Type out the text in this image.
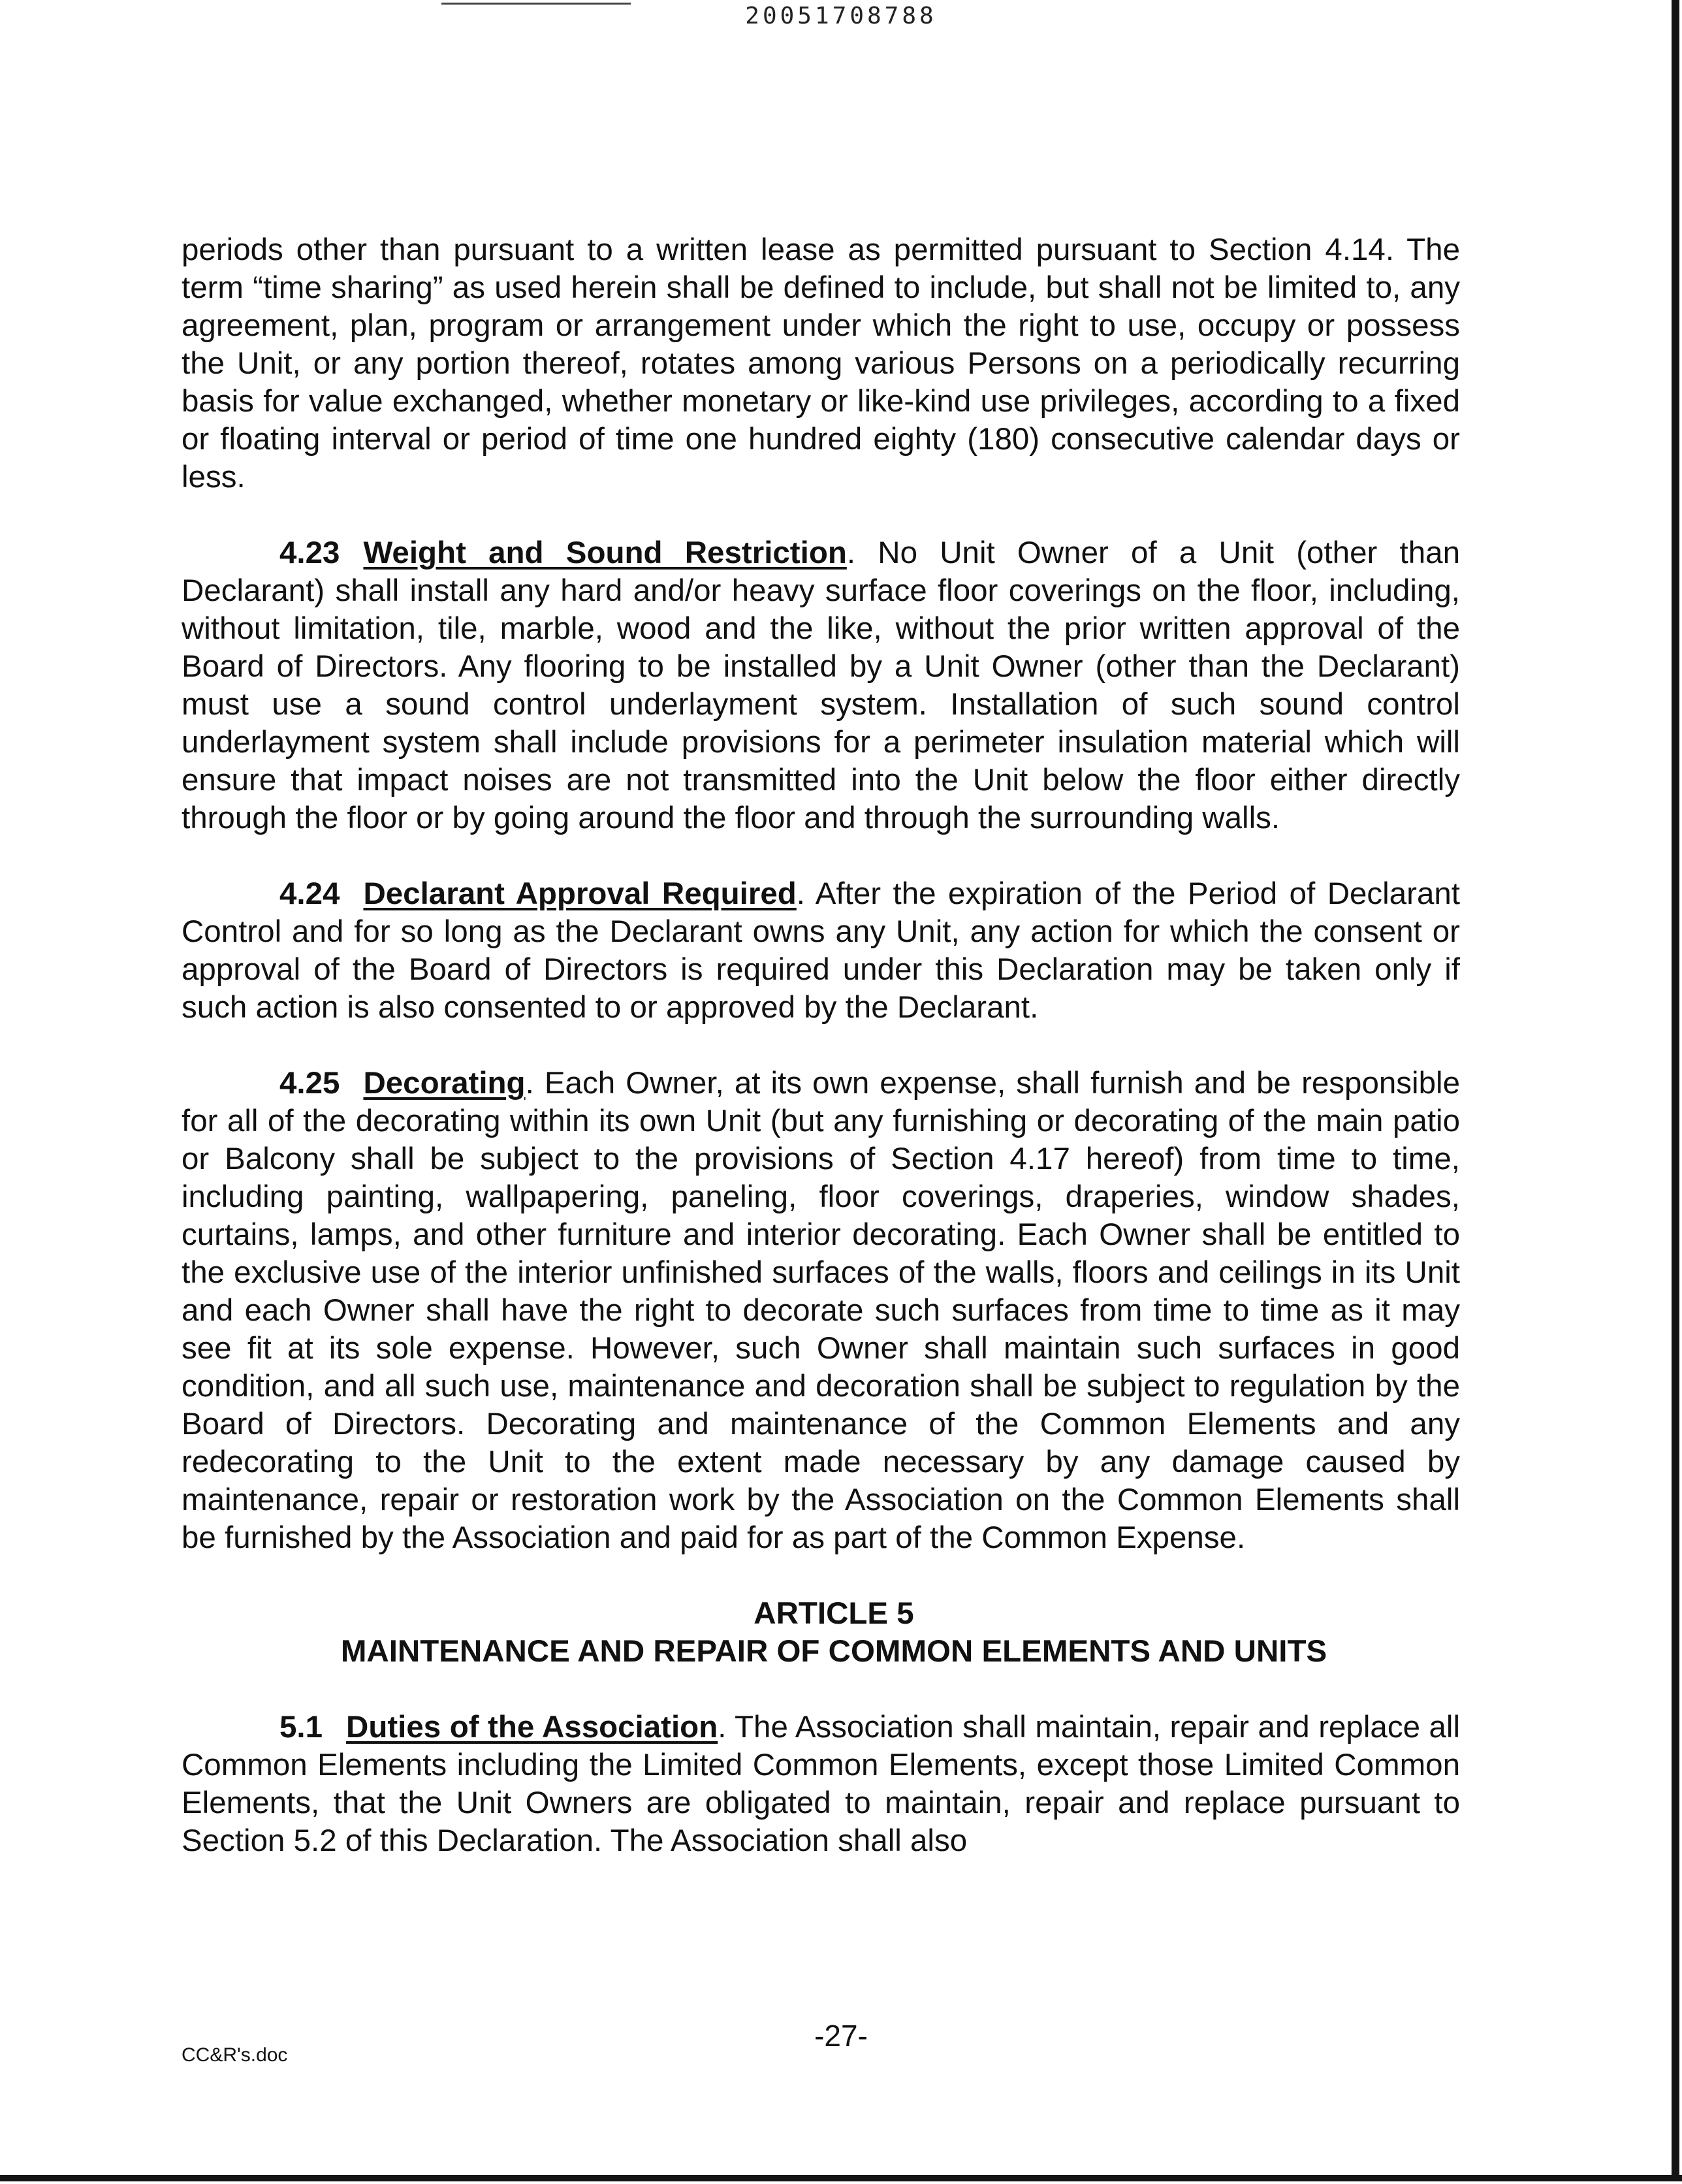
20051708788

periods other than pursuant to a written lease as permitted pursuant to Section 4.14. The term “time sharing” as used herein shall be defined to include, but shall not be limited to, any agreement, plan, program or arrangement under which the right to use, occupy or possess the Unit, or any portion thereof, rotates among various Persons on a periodically recurring basis for value exchanged, whether monetary or like-kind use privileges, according to a fixed or floating interval or period of time one hundred eighty (180) consecutive calendar days or less.

4.23 Weight and Sound Restriction. No Unit Owner of a Unit (other than Declarant) shall install any hard and/or heavy surface floor coverings on the floor, including, without limitation, tile, marble, wood and the like, without the prior written approval of the Board of Directors. Any flooring to be installed by a Unit Owner (other than the Declarant) must use a sound control underlayment system. Installation of such sound control underlayment system shall include provisions for a perimeter insulation material which will ensure that impact noises are not transmitted into the Unit below the floor either directly through the floor or by going around the floor and through the surrounding walls.

4.24 Declarant Approval Required. After the expiration of the Period of Declarant Control and for so long as the Declarant owns any Unit, any action for which the consent or approval of the Board of Directors is required under this Declaration may be taken only if such action is also consented to or approved by the Declarant.

4.25 Decorating. Each Owner, at its own expense, shall furnish and be responsible for all of the decorating within its own Unit (but any furnishing or decorating of the main patio or Balcony shall be subject to the provisions of Section 4.17 hereof) from time to time, including painting, wallpapering, paneling, floor coverings, draperies, window shades, curtains, lamps, and other furniture and interior decorating. Each Owner shall be entitled to the exclusive use of the interior unfinished surfaces of the walls, floors and ceilings in its Unit and each Owner shall have the right to decorate such surfaces from time to time as it may see fit at its sole expense. However, such Owner shall maintain such surfaces in good condition, and all such use, maintenance and decoration shall be subject to regulation by the Board of Directors. Decorating and maintenance of the Common Elements and any redecorating to the Unit to the extent made necessary by any damage caused by maintenance, repair or restoration work by the Association on the Common Elements shall be furnished by the Association and paid for as part of the Common Expense.

ARTICLE 5
MAINTENANCE AND REPAIR OF COMMON ELEMENTS AND UNITS

5.1 Duties of the Association. The Association shall maintain, repair and replace all Common Elements including the Limited Common Elements, except those Limited Common Elements, that the Unit Owners are obligated to maintain, repair and replace pursuant to Section 5.2 of this Declaration. The Association shall also

-27-
CC&R's.doc
